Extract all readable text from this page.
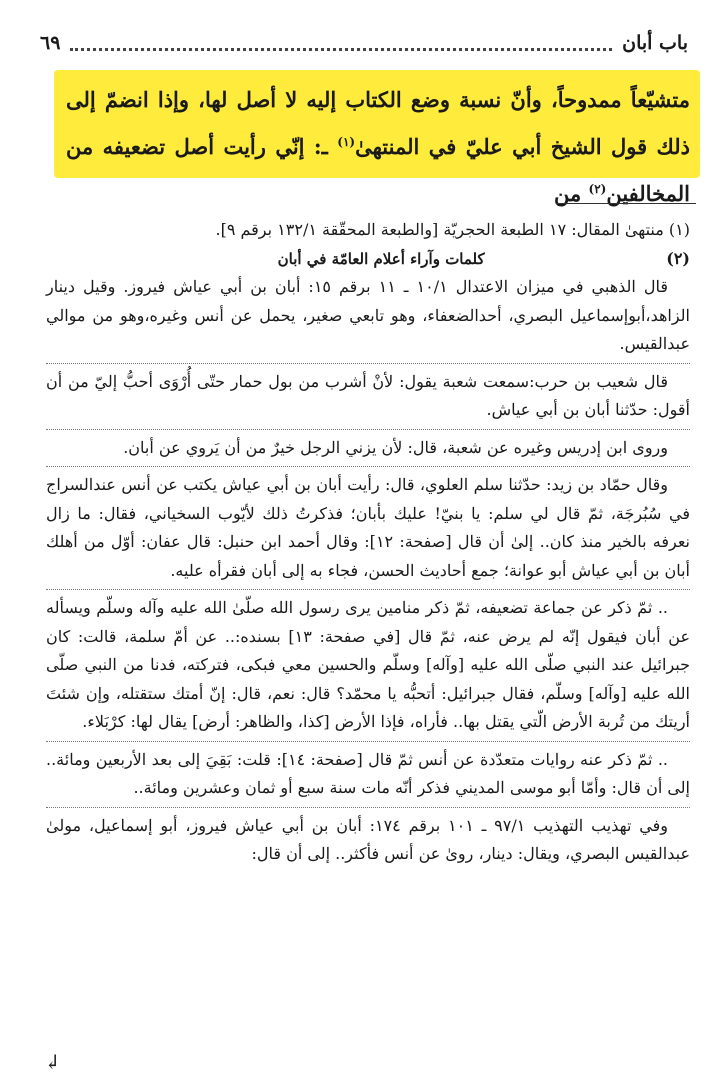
باب أبان
٦٩
متشيّعاً ممدوحاً، وأنّ نسبة وضع الكتاب إليه لا أصل لها، وإذا انضمّ إلى ذلك قول الشيخ أبي عليّ في المنتهىٰ$^{(١)}$ ـ: إنّي رأيت أصل تضعيفه من المخالفين$^{(٢)}$ من

(١) منتهىٰ المقال: ١٧ الطبعة الحجريّة [والطبعة المحقّقة ١٣٢/١ برقم ٩].

(٢) كلمات وآراء أعلام العامّة في أبان

قال الذهبي في ميزان الاعتدال ١٠/١ ـ ١١ برقم ١٥: أبان بن أبي عياش فيروز. وقيل دينار الزاهد،أبوإسماعيل البصري، أحدالضعفاء، وهو تابعي صغير، يحمل عن أنس وغيره،وهو من موالي عبدالقيس.

قال شعيب بن حرب:سمعت شعبة يقول: لأنْ أشرب من بول حمار حتّى أُرْوَى أحبُّ إليّ من أن أقول: حدّثنا أبان بن أبي عياش.

وروى ابن إدريس وغيره عن شعبة، قال: لأن يزني الرجل خيرٌ من أن يَروي عن أبان.

وقال حمّاد بن زيد: حدّثنا سلم العلوي، قال: رأيت أبان بن أبي عياش يكتب عن أنس عندالسراج في سُبُرجَة، ثمّ قال لي سلم: يا بنيّ! عليك بأبان؛ فذكرتُ ذلك لأيّوب السخياني، فقال: ما زال نعرفه بالخير منذ كان.. إلىٰ أن قال [صفحة: ١٢]: وقال أحمد ابن حنبل: قال عفان: أوّل من أهلك أبان بن أبي عياش أبو عوانة؛ جمع أحاديث الحسن، فجاء به إلى أبان فقرأه عليه.

.. ثمّ ذكر عن جماعة تضعيفه، ثمّ ذكر منامين يرى رسول الله صلّىٰ الله عليه وآله وسلّم ويسأله عن أبان فيقول إنّه لم يرض عنه، ثمّ قال [في صفحة: ١٣] بسنده:.. عن أمّ سلمة، قالت: كان جبرائيل عند النبي صلّى الله عليه [وآله] وسلّم والحسين معي فبكى، فتركته، فدنا من النبي صلّى الله عليه [وآله] وسلّم، فقال جبرائيل: أتحبُّه يا محمّد؟ قال: نعم، قال: إنّ أمتك ستقتله، وإن شئتَ أريتك من تُربة الأرض الّتي يقتل بها.. فأراه، فإذا الأرض [كذا، والظاهر: أرض] يقال لها: كرْبَلاء.

.. ثمّ ذكر عنه روايات متعدّدة عن أنس ثمّ قال [صفحة: ١٤]: قلت: بَقِيَ إلى بعد الأربعين ومائة.. إلى أن قال: وأمّا أبو موسى المديني فذكر أنّه مات سنة سبع أو ثمان وعشرين ومائة..

وفي تهذيب التهذيب ٩٧/١ ـ ١٠١ برقم ١٧٤: أبان بن أبي عياش فيروز، أبو إسماعيل، مولىٰ عبدالقيس البصري، ويقال: دينار، روىٰ عن أنس فأكثر.. إلى أن قال:

↲
